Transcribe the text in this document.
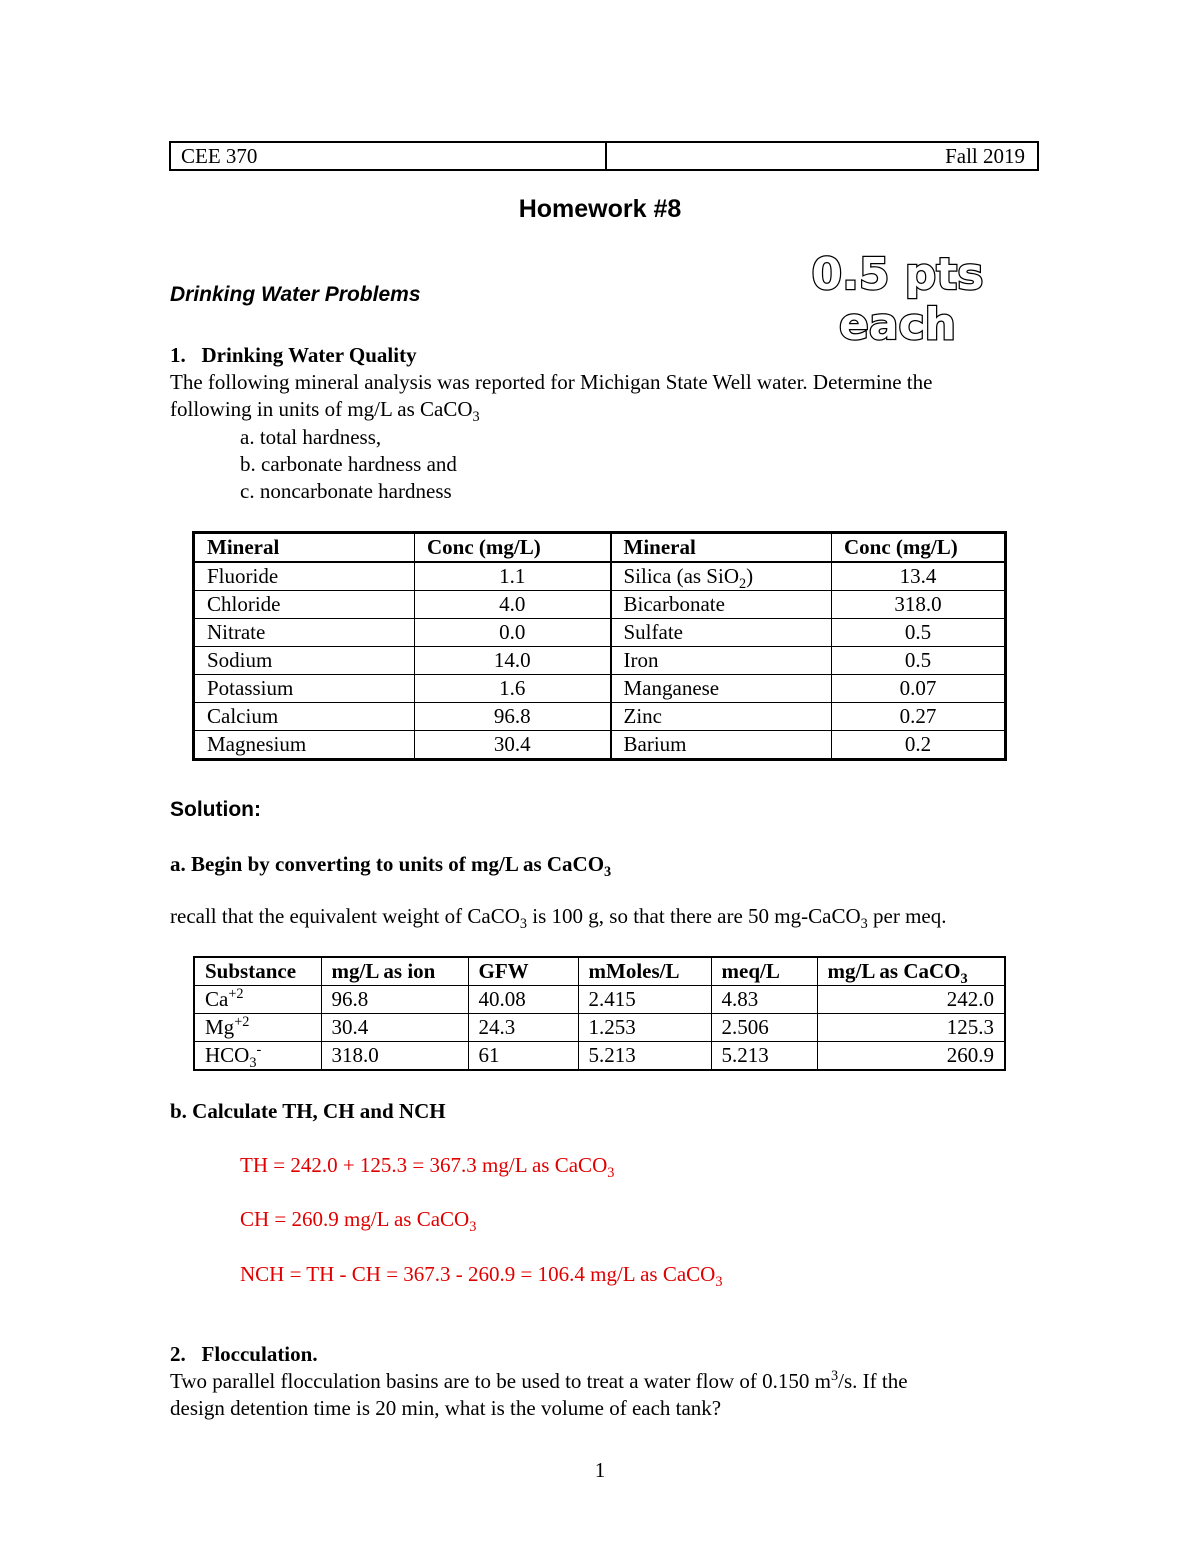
CEE 370	Fall 2019
Homework #8
Drinking Water Problems	0.5 pts
each
1. Drinking Water Quality
The following mineral analysis was reported for Michigan State Well water. Determine the
following in units of mg/L as CaCO$_3$
a. total hardness,
b. carbonate hardness and
c. noncarbonate hardness
Mineral	Conc (mg/L)	Mineral	Conc (mg/L)
Fluoride	1.1	Silica (as SiO$_2$)	13.4
Chloride	4.0	Bicarbonate	318.0
Nitrate	0.0	Sulfate	0.5
Sodium	14.0	Iron	0.5
Potassium	1.6	Manganese	0.07
Calcium	96.8	Zinc	0.27
Magnesium	30.4	Barium	0.2
Solution:
a. Begin by converting to units of mg/L as CaCO$_3$
recall that the equivalent weight of CaCO$_3$ is 100 g, so that there are 50 mg-CaCO$_3$ per meq.
Substance	mg/L as ion	GFW	mMoles/L	meq/L	mg/L as CaCO$_3$
$Ca^{+2}$	96.8	40.08	2.415	4.83	242.0
$Mg^{+2}$	30.4	24.3	1.253	2.506	125.3
$HCO_3^-$	318.0	61	5.213	5.213	260.9
b. Calculate TH, CH and NCH
TH = 242.0 + 125.3 = 367.3 mg/L as CaCO$_3$
CH = 260.9 mg/L as CaCO$_3$
NCH = TH - CH = 367.3 - 260.9 = 106.4 mg/L as CaCO$_3$
2. Flocculation.
Two parallel flocculation basins are to be used to treat a water flow of 0.150 $m^3/s$. If the
design detention time is 20 min, what is the volume of each tank?
1
